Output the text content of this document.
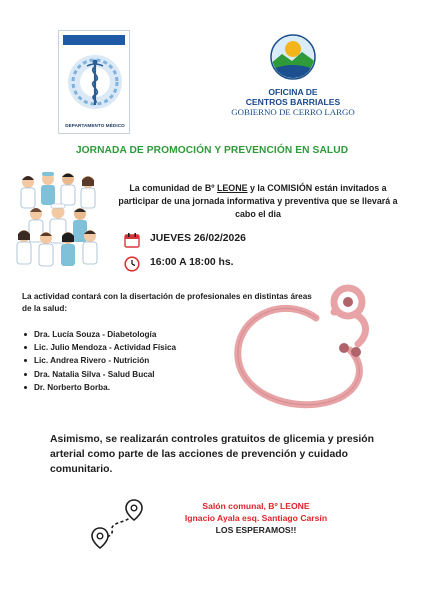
DEPARTAMENTO MÉDICO
OFICINA DE
CENTROS BARRIALES
GOBIERNO DE CERRO LARGO
JORNADA DE PROMOCIÓN Y PREVENCIÓN EN SALUD
La comunidad de Bº LEONE y la COMISIÓN están invitados a participar de una jornada informativa y preventiva que se llevará a cabo el dia
JUEVES 26/02/2026
16:00 A 18:00 hs.
La actividad contará con la disertación de profesionales en distintas áreas de la salud:
Dra. Lucía Souza - Diabetología
Lic. Julio Mendoza - Actividad Física
Lic. Andrea Rivero - Nutrición
Dra. Natalia Silva - Salud Bucal
Dr. Norberto Borba.
Asimismo, se realizarán controles gratuitos de glicemia y presión arterial como parte de las acciones de prevención y cuidado comunitario.
Salón comunal, Bº LEONE
Ignacio Ayala esq. Santiago Carsín
LOS ESPERAMOS!!
